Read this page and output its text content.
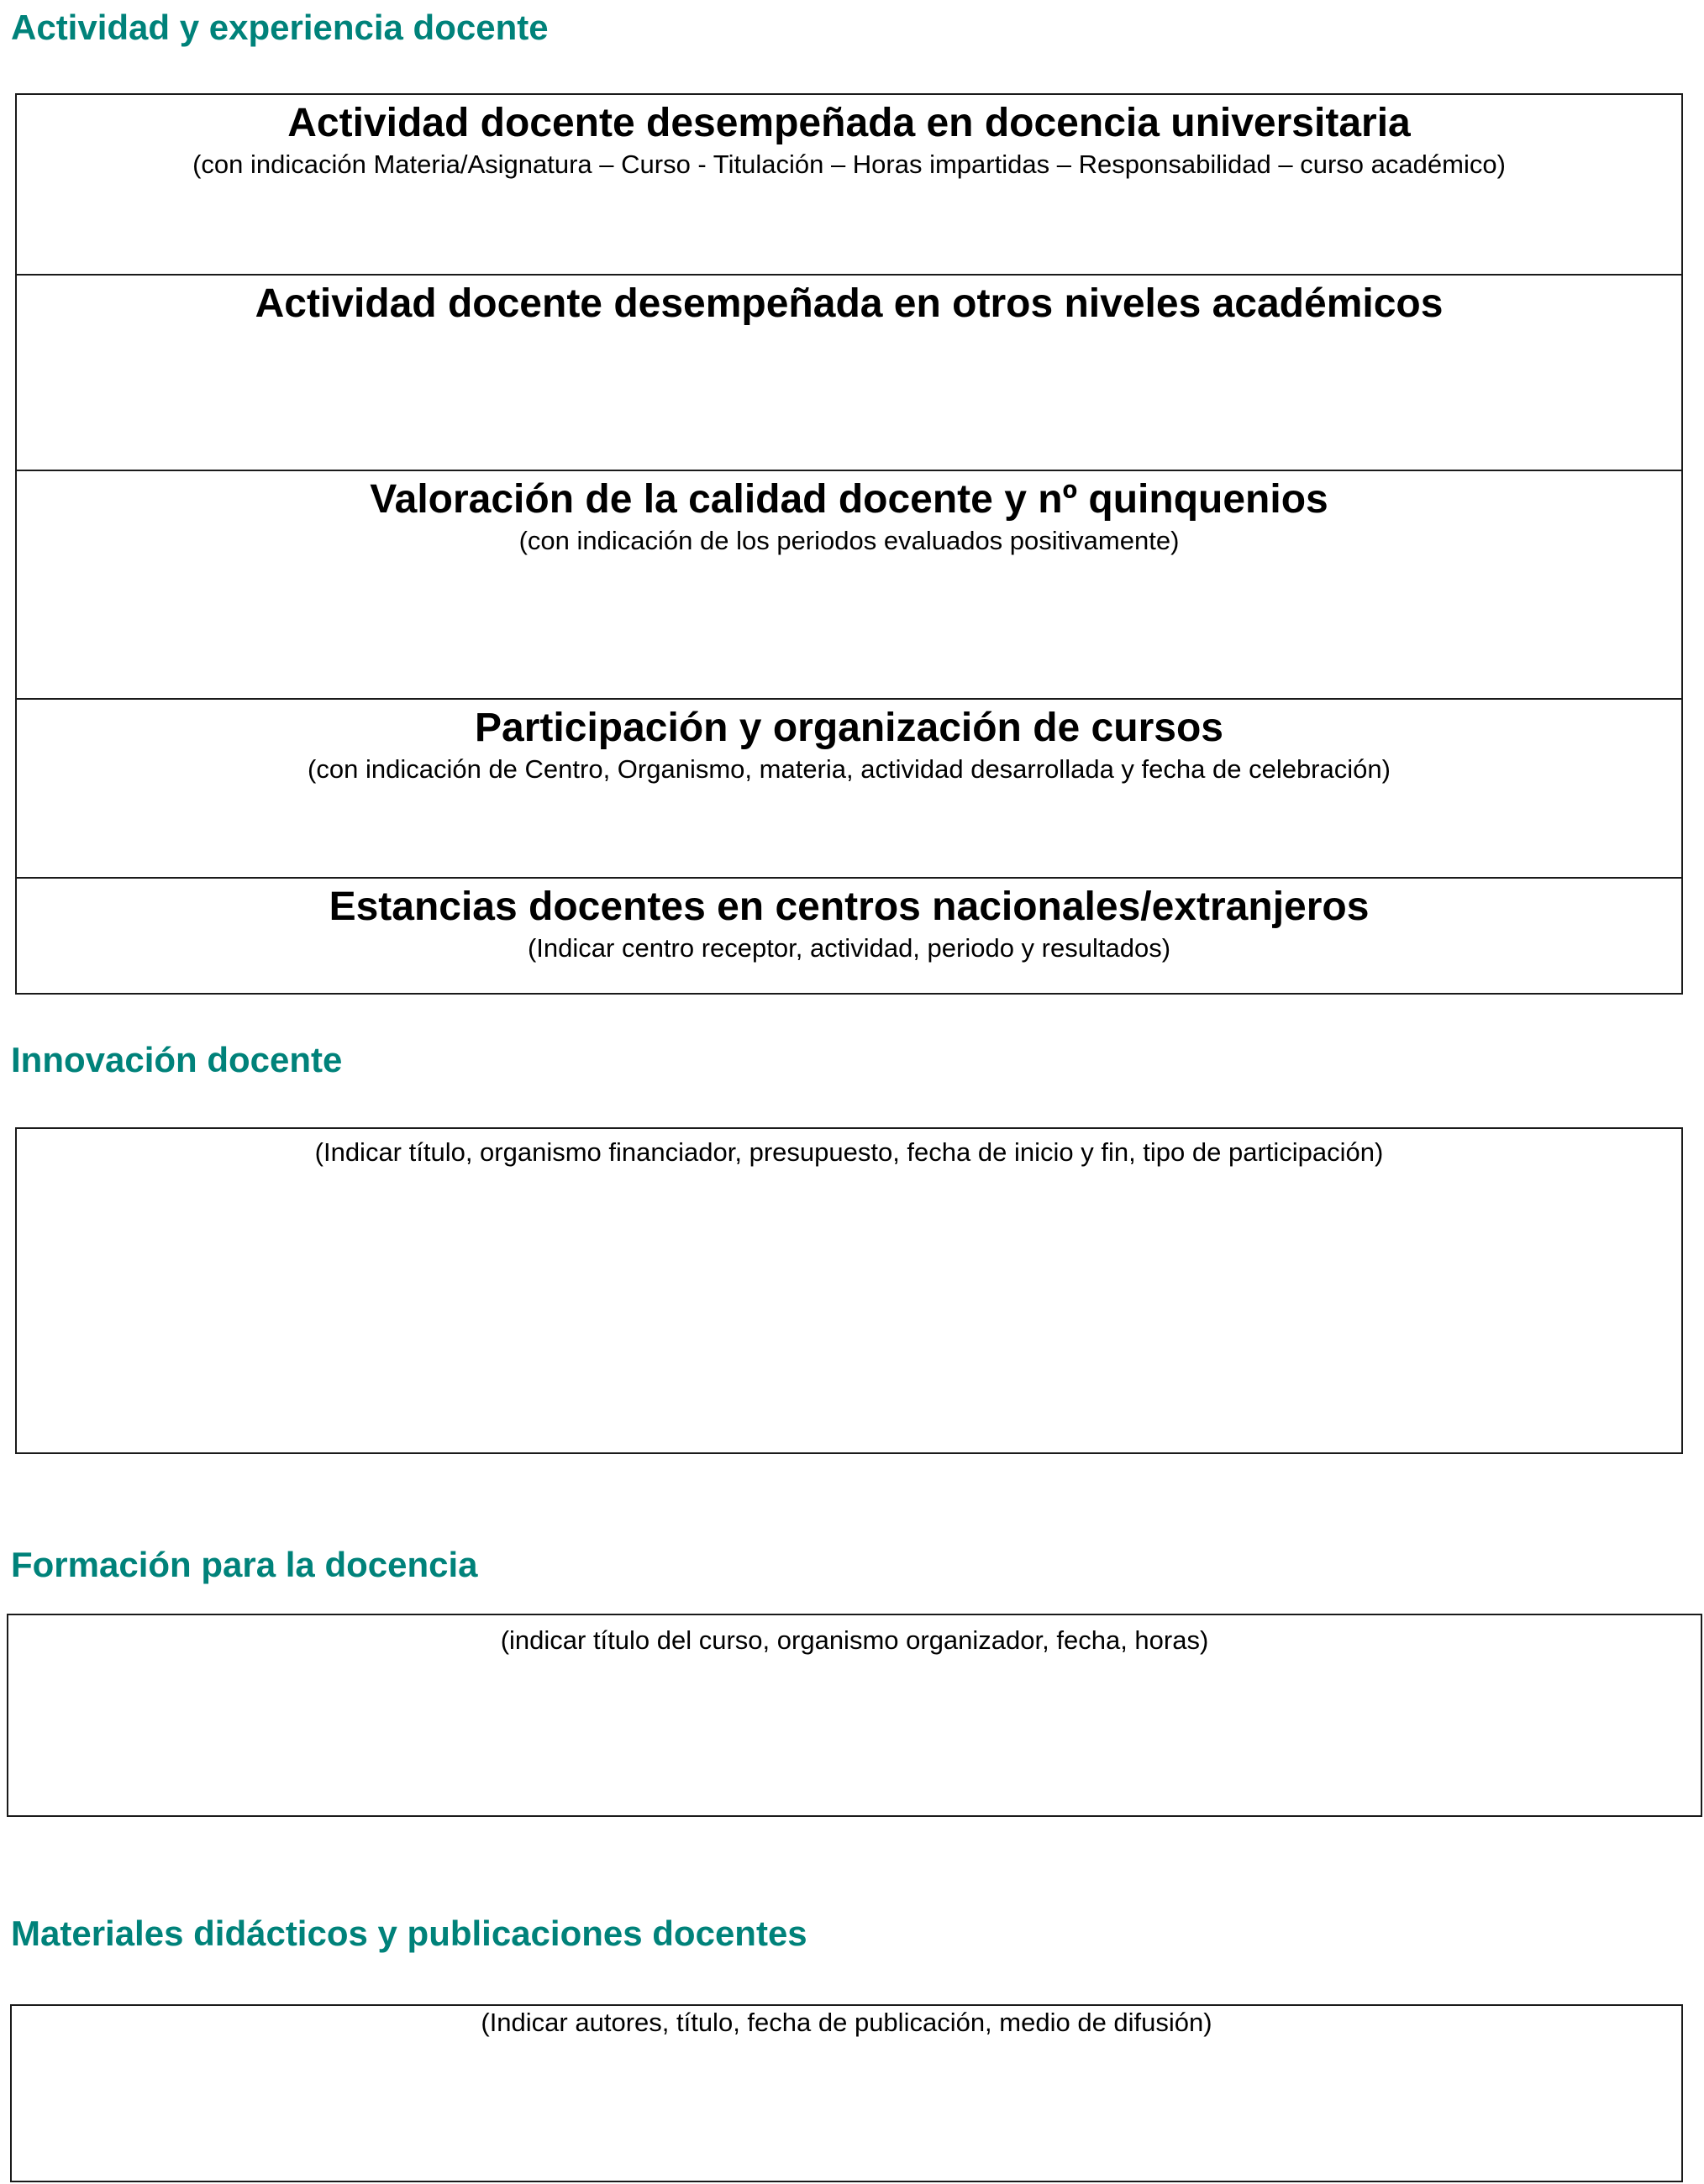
Actividad y experiencia docente
Actividad docente desempeñada en docencia universitaria
(con indicación Materia/Asignatura – Curso - Titulación – Horas impartidas – Responsabilidad – curso académico)
Actividad docente desempeñada en otros niveles académicos
Valoración de la calidad docente y nº quinquenios
(con indicación de los periodos evaluados positivamente)
Participación y organización de cursos
(con indicación de Centro, Organismo, materia, actividad desarrollada y fecha de celebración)
Estancias docentes en centros nacionales/extranjeros
(Indicar centro receptor, actividad, periodo y resultados)
Innovación docente
(Indicar título, organismo financiador, presupuesto, fecha de inicio y fin, tipo de participación)
Formación para la docencia
(indicar título del curso, organismo organizador, fecha, horas)
Materiales didácticos y publicaciones docentes
(Indicar autores, título, fecha de publicación, medio de difusión)
